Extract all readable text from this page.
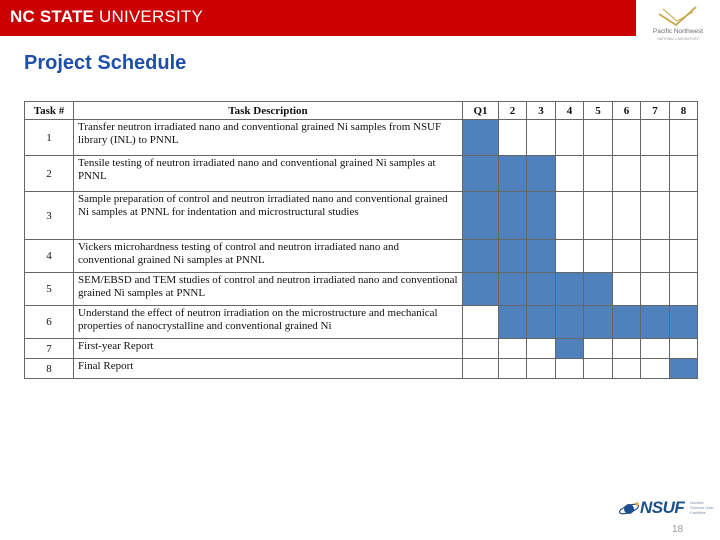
NC STATE UNIVERSITY
Pacific Northwest
NATIONAL LABORATORY
Project Schedule
Task #	Task Description	Q1	2	3	4	5	6	7	8
1	Transfer neutron irradiated nano and conventional grained Ni samples from NSUF library (INL) to PNNL								
2	Tensile testing of neutron irradiated nano and conventional grained Ni samples at PNNL								
3	Sample preparation of control and neutron irradiated nano and conventional grained Ni samples at PNNL for indentation and microstructural studies								
4	Vickers microhardness testing of control and neutron irradiated nano and conventional grained Ni samples at PNNL								
5	SEM/EBSD and TEM studies of control and neutron irradiated nano and conventional grained Ni samples at PNNL								
6	Understand the effect of neutron irradiation on the microstructure and mechanical properties of nanocrystalline and conventional grained Ni								
7	First-year Report								
8	Final Report								
NSUF Nuclear Science User Facilities
18
